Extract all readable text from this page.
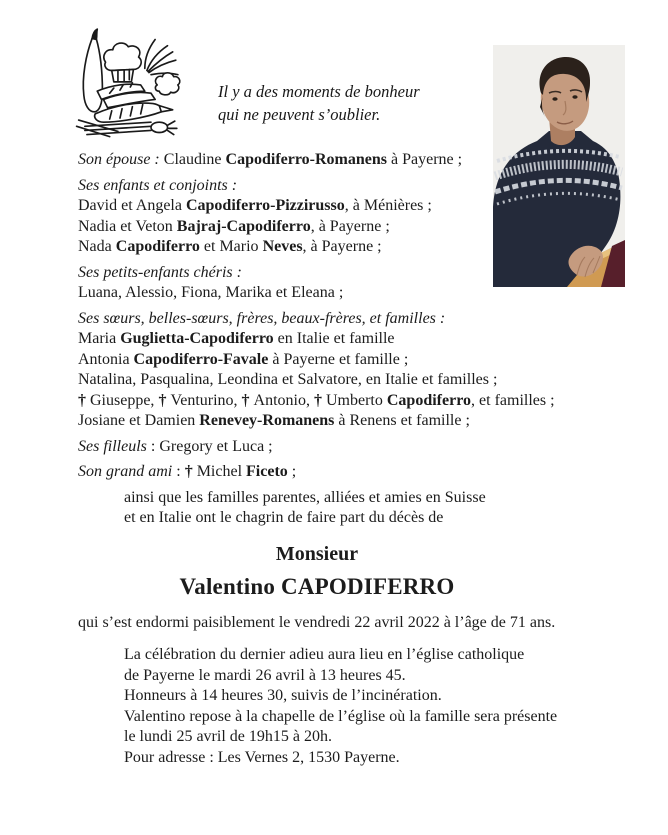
Il y a des moments de bonheur
qui ne peuvent s’oublier.

Son épouse : Claudine Capodiferro-Romanens à Payerne ;

Ses enfants et conjoints :
David et Angela Capodiferro-Pizzirusso, à Ménières ;
Nadia et Veton Bajraj-Capodiferro, à Payerne ;
Nada Capodiferro et Mario Neves, à Payerne ;

Ses petits-enfants chéris :
Luana, Alessio, Fiona, Marika et Eleana ;

Ses sœurs, belles-sœurs, frères, beaux-frères, et familles :
Maria Guglietta-Capodiferro en Italie et famille
Antonia Capodiferro-Favale à Payerne et famille ;
Natalina, Pasqualina, Leondina et Salvatore, en Italie et familles ;
† Giuseppe, † Venturino, † Antonio, † Umberto Capodiferro, et familles ;
Josiane et Damien Renevey-Romanens à Renens et famille ;

Ses filleuls : Gregory et Luca ;

Son grand ami : † Michel Ficeto ;

ainsi que les familles parentes, alliées et amies en Suisse
et en Italie ont le chagrin de faire part du décès de

Monsieur
Valentino CAPODIFERRO
qui s’est endormi paisiblement le vendredi 22 avril 2022 à l’âge de 71 ans.
La célébration du dernier adieu aura lieu en l’église catholique
de Payerne le mardi 26 avril à 13 heures 45.
Honneurs à 14 heures 30, suivis de l’incinération.
Valentino repose à la chapelle de l’église où la famille sera présente
le lundi 25 avril de 19h15 à 20h.
Pour adresse : Les Vernes 2, 1530 Payerne.
